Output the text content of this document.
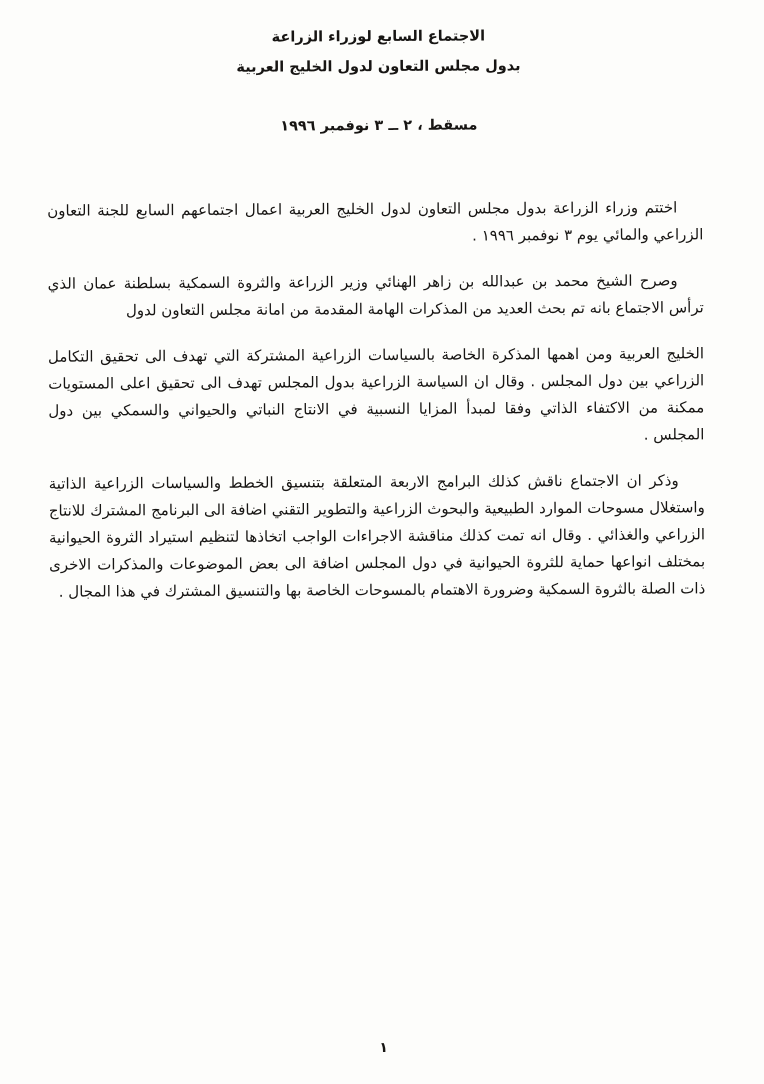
الاجتماع السابع لوزراء الزراعة
بدول مجلس التعاون لدول الخليج العربية
مسقط ، ٢ ــ ٣ نوفمبر ١٩٩٦

اختتم وزراء الزراعة بدول مجلس التعاون لدول الخليج العربية اعمال اجتماعهم السابع للجنة التعاون الزراعي والمائي يوم ٣ نوفمبر ١٩٩٦ .

وصرح الشيخ محمد بن عبدالله بن زاهر الهنائي وزير الزراعة والثروة السمكية بسلطنة عمان الذي ترأس الاجتماع بانه تم بحث العديد من المذكرات الهامة المقدمة من امانة مجلس التعاون لدول

الخليج العربية ومن اهمها المذكرة الخاصة بالسياسات الزراعية المشتركة التي تهدف الى تحقيق التكامل الزراعي بين دول المجلس . وقال ان السياسة الزراعية بدول المجلس تهدف الى تحقيق اعلى المستويات ممكنة من الاكتفاء الذاتي وفقا لمبدأ المزايا النسبية في الانتاج النباتي والحيواني والسمكي بين دول المجلس .

وذكر ان الاجتماع ناقش كذلك البرامج الاربعة المتعلقة بتنسيق الخطط والسياسات الزراعية الذاتية واستغلال مسوحات الموارد الطبيعية والبحوث الزراعية والتطوير التقني اضافة الى البرنامج المشترك للانتاج الزراعي والغذائي . وقال انه تمت كذلك مناقشة الاجراءات الواجب اتخاذها لتنظيم استيراد الثروة الحيوانية بمختلف انواعها حماية للثروة الحيوانية في دول المجلس اضافة الى بعض الموضوعات والمذكرات الاخرى ذات الصلة بالثروة السمكية وضرورة الاهتمام بالمسوحات الخاصة بها والتنسيق المشترك في هذا المجال .

١
